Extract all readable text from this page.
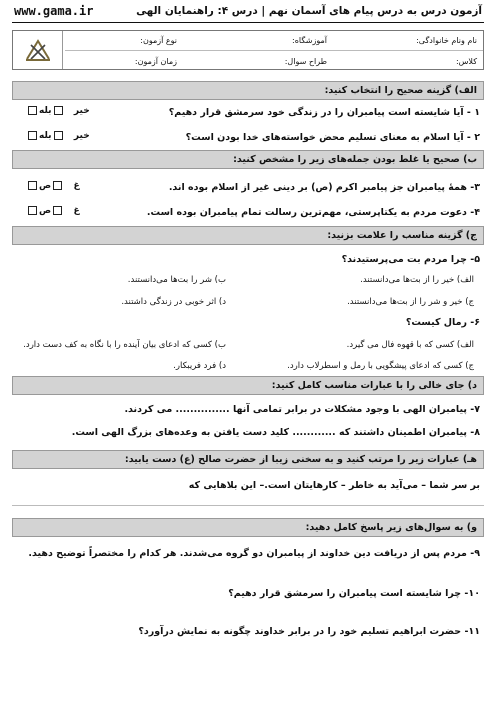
www.gama.ir	آزمون درس به درس پیام های آسمان نهم | درس ۴: راهنمایان الهی
نام ونام خانوادگی:
آموزشگاه:
نوع آزمون:
کلاس:
طراح سوال:
زمان آزمون:
الف) گزینه صحیح را انتخاب کنید:
۱ - آیا شایسته است پیامبران را در زندگی خود سرمشق قرار دهیم؟
خیر   بله
۲ - آیا اسلام به معنای تسلیم محض خواسته‌های خدا بودن است؟
خیر   بله
ب) صحیح یا غلط بودن جمله‌های زیر را مشخص کنید:
۳- همهٔ پیامبران جز پیامبر اکرم (ص) بر دینی غیر از اسلام بوده اند.
غ   ص
۴- دعوت مردم به یکتاپرستی، مهم‌ترین رسالت تمام پیامبران بوده است.
غ   ص
ج) گزینه مناسب را علامت بزنید:
۵- چرا مردم بت می‌پرستیدند؟
الف) خیر را از بت‌ها می‌دانستند.
ب) شر را بت‌ها می‌دانستند.
ج) خیر و شر را از بت‌ها می‌دانستند.
د) اثر خوبی در زندگی داشتند.
۶- رمال کیست؟
الف) کسی که با قهوه فال می گیرد.
ب) کسی که ادعای بیان آینده را با نگاه به کف دست دارد.
ج) کسی که ادعای پیشگویی با رمل و اسطرلاب دارد.
د) فرد فریبکار.
د) جای خالی را با عبارات مناسب کامل کنید:
۷- پیامبران الهی با وجود مشکلات در برابر تمامی آنها ............... می کردند.
۸- پیامبران اطمینان داشتند که ............ کلید دست یافتن به وعده‌های بزرگ الهی است.
هـ) عبارات زیر را مرتب کنید و به سخنی زیبا از حضرت صالح (ع) دست یابید:
بر سر شما – می‌آید به خاطر – کارهایتان است.– این بلاهایی که
و) به سوال‌های زیر پاسخ کامل دهید:
۹- مردم پس از دریافت دین خداوند از پیامبران دو گروه می‌شدند. هر کدام را مختصراً توضیح دهید.
۱۰- چرا شایسته است پیامبران را سرمشق قرار دهیم؟
۱۱- حضرت ابراهیم تسلیم خود را در برابر خداوند چگونه به نمایش درآورد؟
